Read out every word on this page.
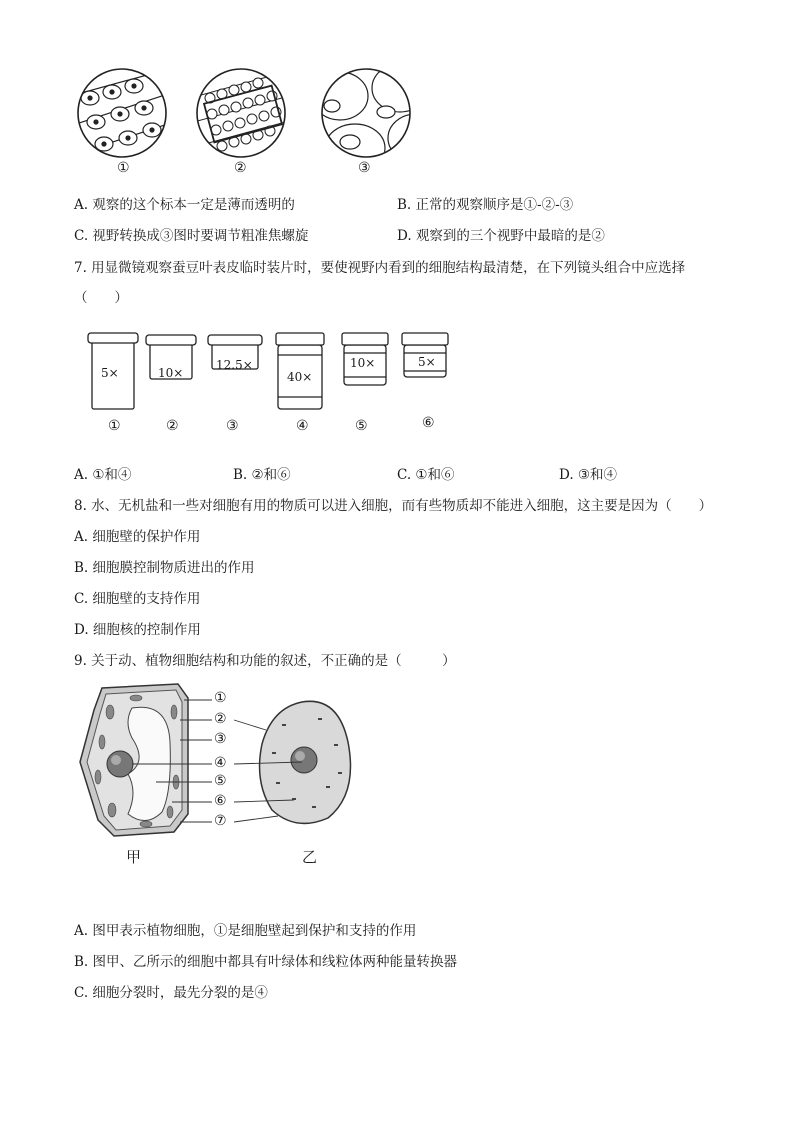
①	②	③
A. 观察的这个标本一定是薄而透明的	B. 正常的观察顺序是①-②-③
C. 视野转换成③图时要调节粗准焦螺旋	D. 观察到的三个视野中最暗的是②
7. 用显微镜观察蚕豆叶表皮临时装片时，要使视野内看到的细胞结构最清楚，在下列镜头组合中应选择
（　　）
5×	10×
12.5×
40×
10×	5×
①	②	③	④	⑤	⑥
A. ①和④	B. ②和⑥	C. ①和⑥	D. ③和④
8. 水、无机盐和一些对细胞有用的物质可以进入细胞，而有些物质却不能进入细胞，这主要是因为（　　）
A. 细胞壁的保护作用
B. 细胞膜控制物质进出的作用
C. 细胞壁的支持作用
D. 细胞核的控制作用
9. 关于动、植物细胞结构和功能的叙述，不正确的是（　　　）
①
②
③
④
⑤
⑥
⑦
甲	乙
A. 图甲表示植物细胞，①是细胞壁起到保护和支持的作用
B. 图甲、乙所示的细胞中都具有叶绿体和线粒体两种能量转换器
C. 细胞分裂时，最先分裂的是④
